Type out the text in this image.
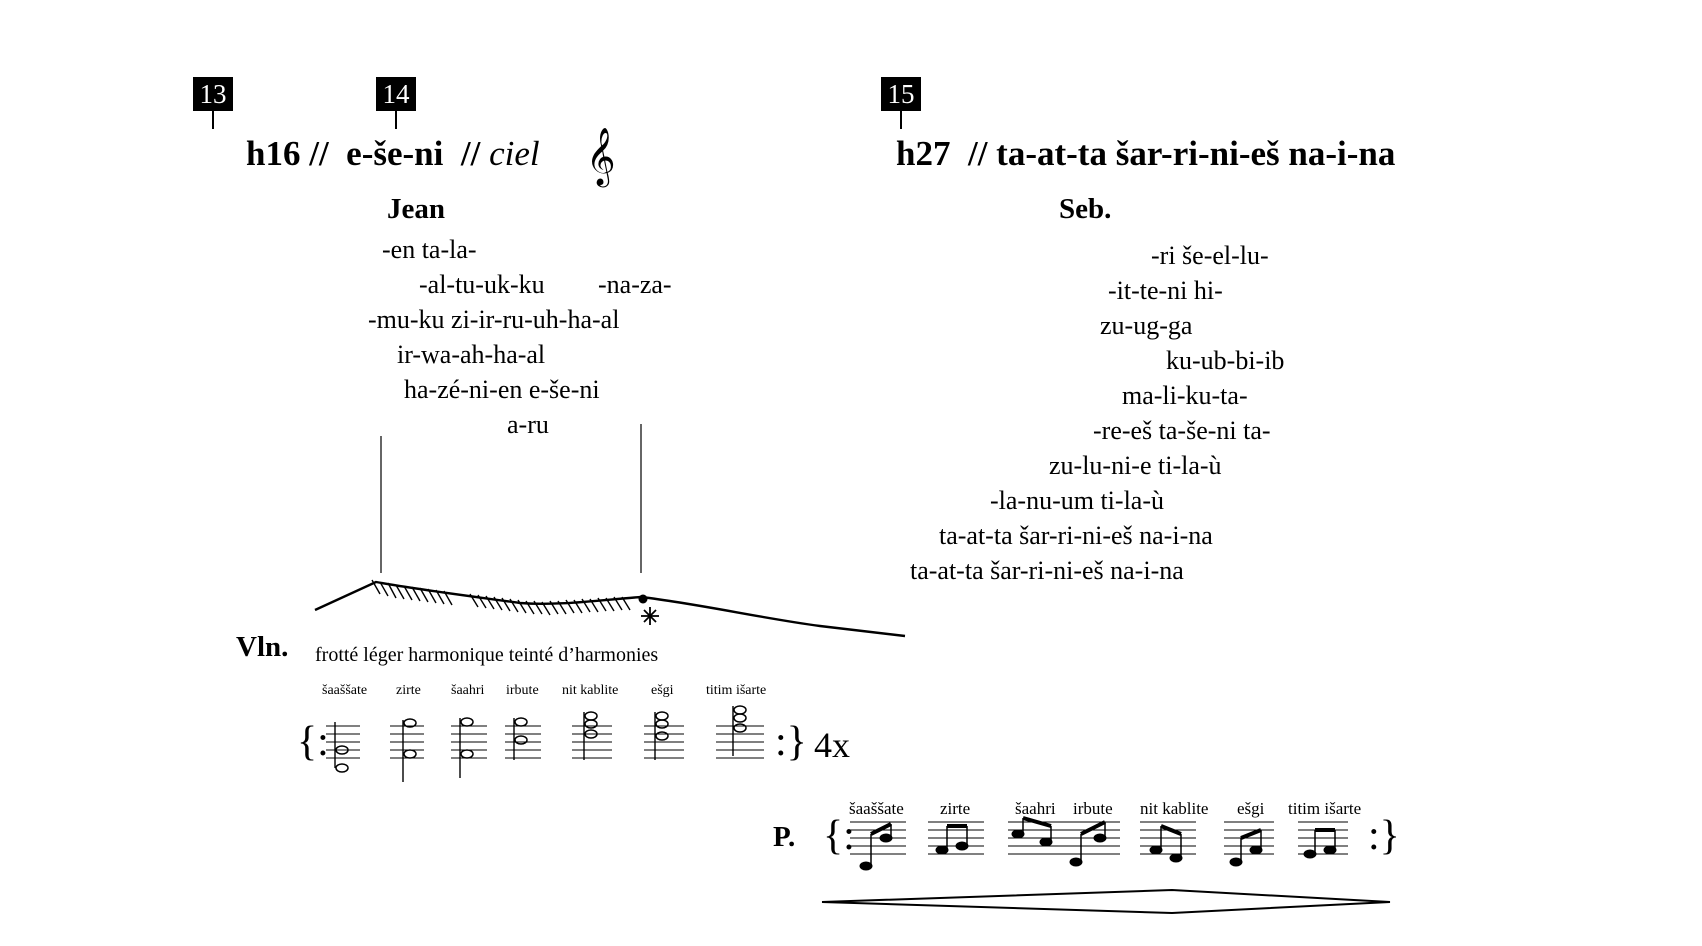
13	14	15
h16 // e-še-ni // ciel 𝄞
Jean
-en ta-la-
-al-tu-uk-ku -na-za-
-mu-ku zi-ir-ru-uh-ha-al
ir-wa-ah-ha-al
ha-zé-ni-en e-še-ni
a-ru
h27 // ta-at-ta šar-ri-ni-eš na-i-na
Seb.
-ri še-el-lu-
-it-te-ni hi-
zu-ug-ga
ku-ub-bi-ib
ma-li-ku-ta-
-re-eš ta-še-ni ta-
zu-lu-ni-e ti-la-ù
-la-nu-um ti-la-ù
ta-at-ta šar-ri-ni-eš na-i-na
ta-at-ta šar-ri-ni-eš na-i-na
Vln. frotté léger harmonique teinté d’harmonies
šaaššate zirte šaahri irbute nit kablite ešgi titim išarte
{:	:} 4x
P. {:	:}
šaaššate zirte	šaahri irbute nit kablite ešgi titim išarte
